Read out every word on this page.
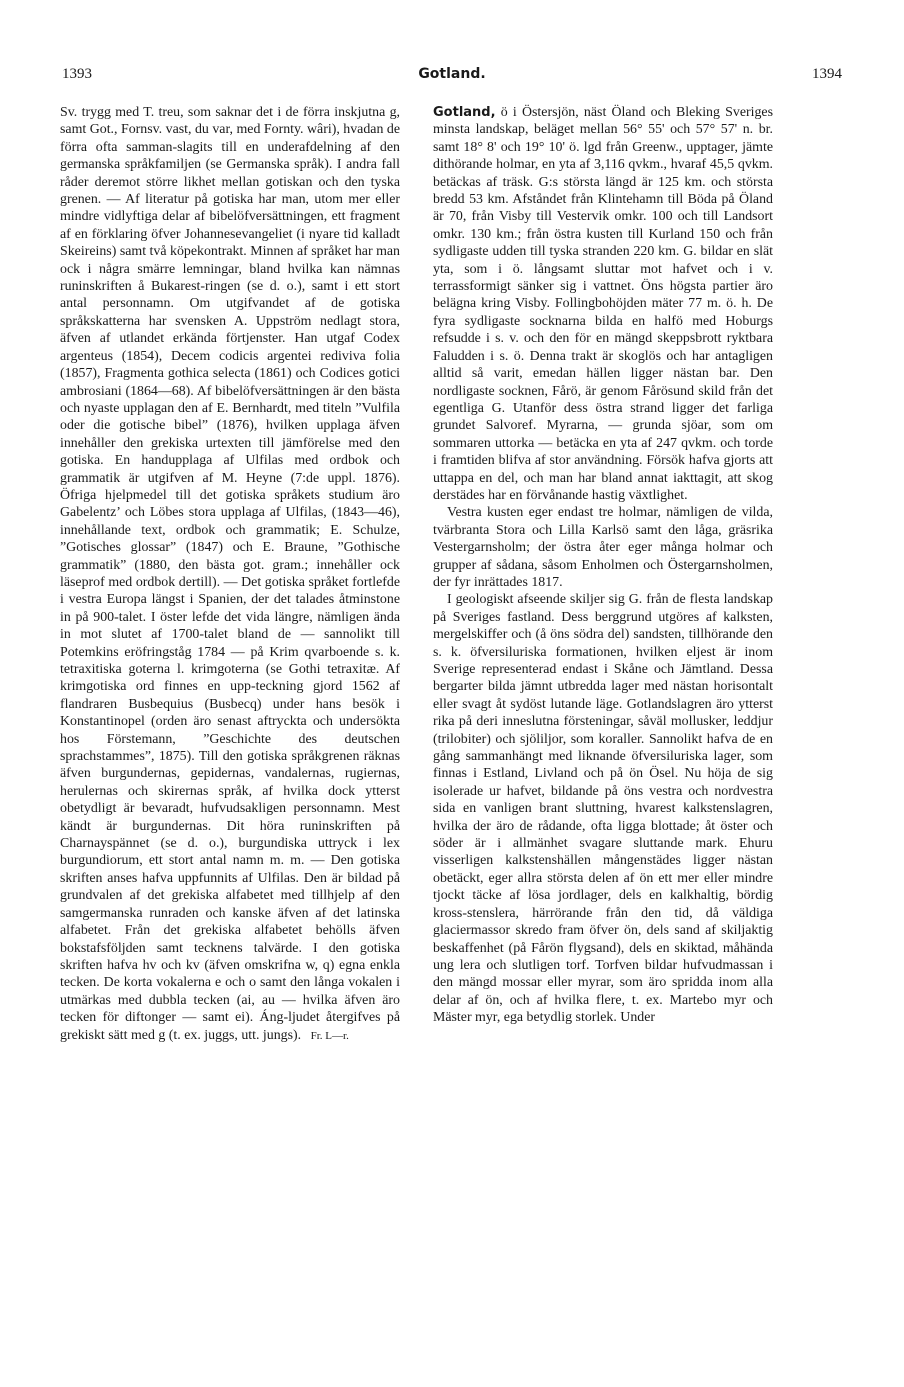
1393	Gotland.	1394

Sv. trygg med T. treu, som saknar det i de förra inskjutna g, samt Got., Fornsv. vast, du var, med Fornty. wâri), hvadan de förra ofta samman-slagits till en underafdelning af den germanska språkfamiljen (se Germanska språk). I andra fall råder deremot större likhet mellan gotiskan och den tyska grenen. — Af literatur på gotiska har man, utom mer eller mindre vidlyftiga delar af bibelöfversättningen, ett fragment af en förklaring öfver Johannesevangeliet (i nyare tid kalladt Skeireins) samt två köpekontrakt. Minnen af språket har man ock i några smärre lemningar, bland hvilka kan nämnas runinskriften å Bukarest-ringen (se d. o.), samt i ett stort antal personnamn. Om utgifvandet af de gotiska språkskatterna har svensken A. Uppström nedlagt stora, äfven af utlandet erkända förtjenster. Han utgaf Codex argenteus (1854), Decem codicis argentei rediviva folia (1857), Fragmenta gothica selecta (1861) och Codices gotici ambrosiani (1864—68). Af bibelöfversättningen är den bästa och nyaste upplagan den af E. Bernhardt, med titeln ”Vulfila oder die gotische bibel” (1876), hvilken upplaga äfven innehåller den grekiska urtexten till jämförelse med den gotiska. En handupplaga af Ulfilas med ordbok och grammatik är utgifven af M. Heyne (7:de uppl. 1876). Öfriga hjelpmedel till det gotiska språkets studium äro Gabelentz’ och Löbes stora upplaga af Ulfilas, (1843—46), innehållande text, ordbok och grammatik; E. Schulze, ”Gotisches glossar” (1847) och E. Braune, ”Gothische grammatik” (1880, den bästa got. gram.; innehåller ock läseprof med ordbok dertill). — Det gotiska språket fortlefde i vestra Europa längst i Spanien, der det talades åtminstone in på 900-talet. I öster lefde det vida längre, nämligen ända in mot slutet af 1700-talet bland de — sannolikt till Potemkins eröfringståg 1784 — på Krim qvarboende s. k. tetraxitiska goterna l. krimgoterna (se Gothi tetraxitæ. Af krimgotiska ord finnes en upp-teckning gjord 1562 af flandraren Busbequius (Busbecq) under hans besök i Konstantinopel (orden äro senast aftryckta och undersökta hos Förstemann, ”Geschichte des deutschen sprachstammes”, 1875). Till den gotiska språkgrenen räknas äfven burgundernas, gepidernas, vandalernas, rugiernas, herulernas och skirernas språk, af hvilka dock ytterst obetydligt är bevaradt, hufvudsakligen personnamn. Mest kändt är burgundernas. Dit höra runinskriften på Charnayspännet (se d. o.), burgundiska uttryck i lex burgundiorum, ett stort antal namn m. m. — Den gotiska skriften anses hafva uppfunnits af Ulfilas. Den är bildad på grundvalen af det grekiska alfabetet med tillhjelp af den samgermanska runraden och kanske äfven af det latinska alfabetet. Från det grekiska alfabetet behölls äfven bokstafsföljden samt tecknens talvärde. I den gotiska skriften hafva hv och kv (äfven omskrifna w, q) egna enkla tecken. De korta vokalerna e och o samt den långa vokalen i utmärkas med dubbla tecken (ai, au — hvilka äfven äro tecken för diftonger — samt ei). Áng-ljudet återgifves på grekiskt sätt med g (t. ex. juggs, utt. jungs). Fr. L—r.

Gotland, ö i Östersjön, näst Öland och Bleking Sveriges minsta landskap, beläget mellan 56° 55' och 57° 57' n. br. samt 18° 8' och 19° 10' ö. lgd från Greenw., upptager, jämte dithörande holmar, en yta af 3,116 qvkm., hvaraf 45,5 qvkm. betäckas af träsk. G:s största längd är 125 km. och största bredd 53 km. Afståndet från Klintehamn till Böda på Öland är 70, från Visby till Vestervik omkr. 100 och till Landsort omkr. 130 km.; från östra kusten till Kurland 150 och från sydligaste udden till tyska stranden 220 km. G. bildar en slät yta, som i ö. långsamt sluttar mot hafvet och i v. terrassformigt sänker sig i vattnet. Öns högsta partier äro belägna kring Visby. Follingbohöjden mäter 77 m. ö. h. De fyra sydligaste socknarna bilda en halfö med Hoburgs refsudde i s. v. och den för en mängd skeppsbrott ryktbara Faludden i s. ö. Denna trakt är skoglös och har antagligen alltid så varit, emedan hällen ligger nästan bar. Den nordligaste socknen, Fårö, är genom Fårösund skild från det egentliga G. Utanför dess östra strand ligger det farliga grundet Salvoref. Myrarna, — grunda sjöar, som om sommaren uttorka — betäcka en yta af 247 qvkm. och torde i framtiden blifva af stor användning. Försök hafva gjorts att uttappa en del, och man har bland annat iakttagit, att skog derstädes har en förvånande hastig växtlighet.

Vestra kusten eger endast tre holmar, nämligen de vilda, tvärbranta Stora och Lilla Karlsö samt den låga, gräsrika Vestergarnsholm; der östra åter eger många holmar och grupper af sådana, såsom Enholmen och Östergarnsholmen, der fyr inrättades 1817.

I geologiskt afseende skiljer sig G. från de flesta landskap på Sveriges fastland. Dess berggrund utgöres af kalksten, mergelskiffer och (å öns södra del) sandsten, tillhörande den s. k. öfversiluriska formationen, hvilken eljest är inom Sverige representerad endast i Skåne och Jämtland. Dessa bergarter bilda jämnt utbredda lager med nästan horisontalt eller svagt åt sydöst lutande läge. Gotlandslagren äro ytterst rika på deri inneslutna försteningar, såväl mollusker, leddjur (trilobiter) och sjöliljor, som koraller. Sannolikt hafva de en gång sammanhängt med liknande öfversiluriska lager, som finnas i Estland, Livland och på ön Ösel. Nu höja de sig isolerade ur hafvet, bildande på öns vestra och nordvestra sida en vanligen brant sluttning, hvarest kalkstenslagren, hvilka der äro de rådande, ofta ligga blottade; åt öster och söder är i allmänhet svagare sluttande mark. Ehuru visserligen kalkstenshällen mångenstädes ligger nästan obetäckt, eger allra största delen af ön ett mer eller mindre tjockt täcke af lösa jordlager, dels en kalkhaltig, bördig kross-stenslera, härrörande från den tid, då väldiga glaciermassor skredo fram öfver ön, dels sand af skiljaktig beskaffenhet (på Fårön flygsand), dels en skiktad, måhända ung lera och slutligen torf. Torfven bildar hufvudmassan i den mängd mossar eller myrar, som äro spridda inom alla delar af ön, och af hvilka flere, t. ex. Martebo myr och Mäster myr, ega betydlig storlek. Under
